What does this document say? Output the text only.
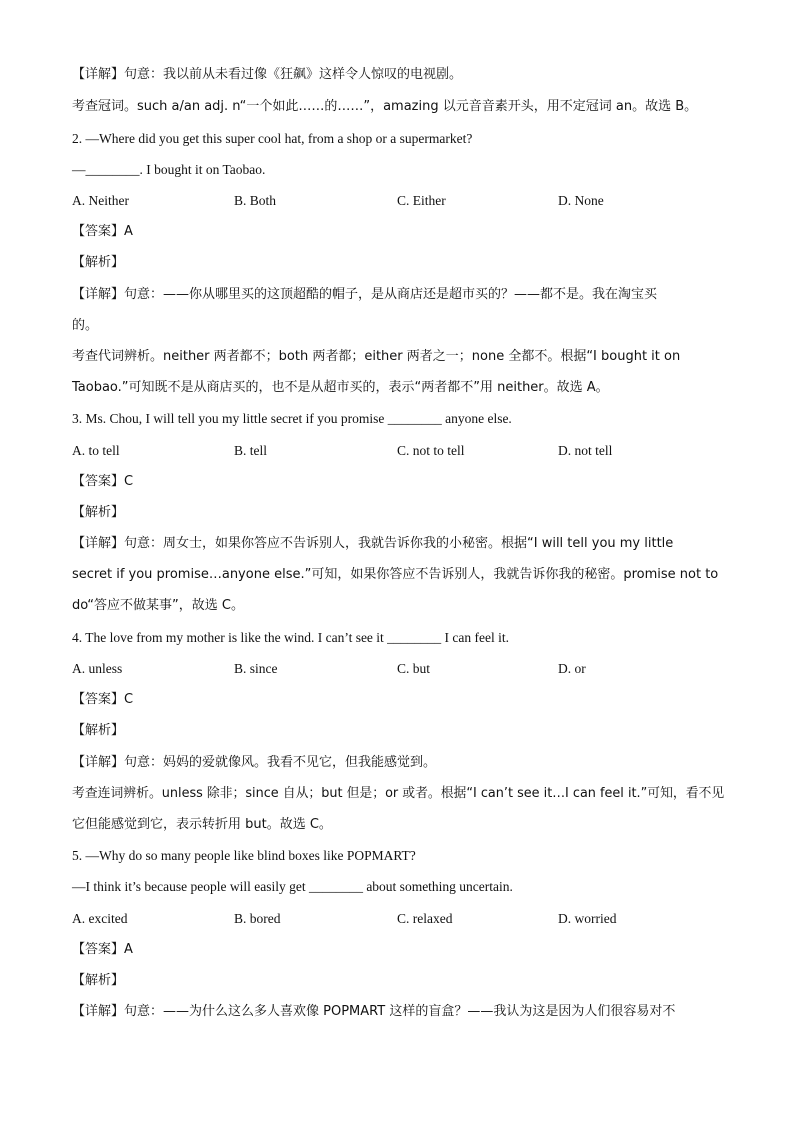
【详解】句意：我以前从未看过像《狂飙》这样令人惊叹的电视剧。
考查冠词。such a/an adj. n“一个如此……的……”，amazing 以元音音素开头，用不定冠词 an。故选 B。
2. —Where did you get this super cool hat, from a shop or a supermarket?
—________. I bought it on Taobao.
A. Neither	B. Both	C. Either	D. None
【答案】A
【解析】
【详解】句意：——你从哪里买的这顶超酷的帽子，是从商店还是超市买的？——都不是。我在淘宝买
的。
考查代词辨析。neither 两者都不；both 两者都；either 两者之一；none 全都不。根据“I bought it on
Taobao.”可知既不是从商店买的，也不是从超市买的，表示“两者都不”用 neither。故选 A。
3. Ms. Chou, I will tell you my little secret if you promise ________ anyone else.
A. to tell	B. tell	C. not to tell	D. not tell
【答案】C
【解析】
【详解】句意：周女士，如果你答应不告诉别人，我就告诉你我的小秘密。根据“I will tell you my little
secret if you promise…anyone else.”可知，如果你答应不告诉别人，我就告诉你我的秘密。promise not to
do“答应不做某事”，故选 C。
4. The love from my mother is like the wind. I can’t see it ________ I can feel it.
A. unless	B. since	C. but	D. or
【答案】C
【解析】
【详解】句意：妈妈的爱就像风。我看不见它，但我能感觉到。
考查连词辨析。unless 除非；since 自从；but 但是；or 或者。根据“I can’t see it…I can feel it.”可知，看不见
它但能感觉到它，表示转折用 but。故选 C。
5. —Why do so many people like blind boxes like POPMART?
—I think it’s because people will easily get ________ about something uncertain.
A. excited	B. bored	C. relaxed	D. worried
【答案】A
【解析】
【详解】句意：——为什么这么多人喜欢像 POPMART 这样的盲盒？——我认为这是因为人们很容易对不
